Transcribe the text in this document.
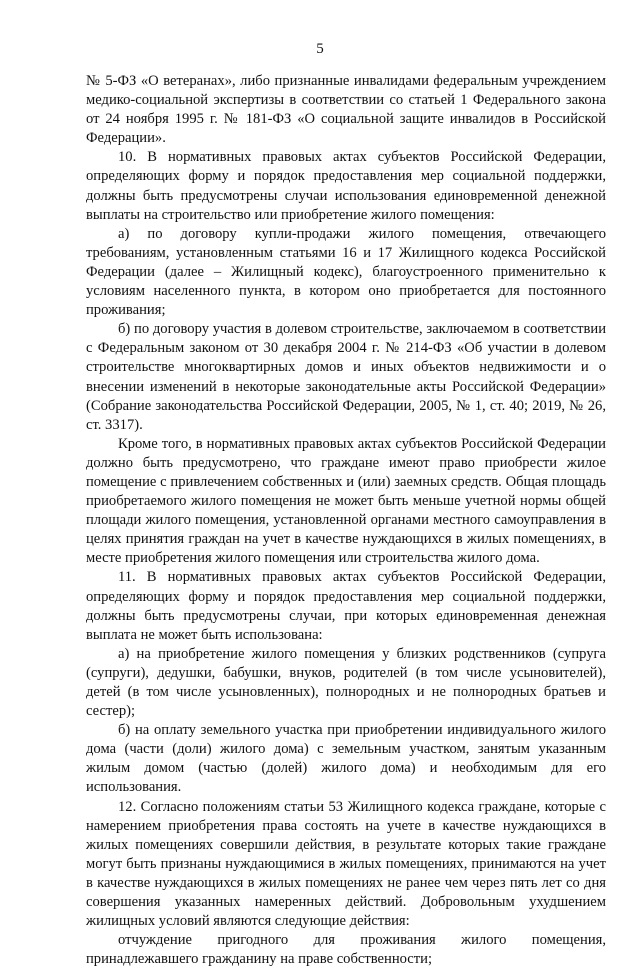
5

№ 5-ФЗ «О ветеранах», либо признанные инвалидами федеральным учреждением медико-социальной экспертизы в соответствии со статьей 1 Федерального закона от 24 ноября 1995 г. № 181-ФЗ «О социальной защите инвалидов в Российской Федерации».

10. В нормативных правовых актах субъектов Российской Федерации, определяющих форму и порядок предоставления мер социальной поддержки, должны быть предусмотрены случаи использования единовременной денежной выплаты на строительство или приобретение жилого помещения:

а) по договору купли-продажи жилого помещения, отвечающего требованиям, установленным статьями 16 и 17 Жилищного кодекса Российской Федерации (далее – Жилищный кодекс), благоустроенного применительно к условиям населенного пункта, в котором оно приобретается для постоянного проживания;

б) по договору участия в долевом строительстве, заключаемом в соответствии с Федеральным законом от 30 декабря 2004 г. № 214-ФЗ «Об участии в долевом строительстве многоквартирных домов и иных объектов недвижимости и о внесении изменений в некоторые законодательные акты Российской Федерации» (Собрание законодательства Российской Федерации, 2005, № 1, ст. 40; 2019, № 26, ст. 3317).

Кроме того, в нормативных правовых актах субъектов Российской Федерации должно быть предусмотрено, что граждане имеют право приобрести жилое помещение с привлечением собственных и (или) заемных средств. Общая площадь приобретаемого жилого помещения не может быть меньше учетной нормы общей площади жилого помещения, установленной органами местного самоуправления в целях принятия граждан на учет в качестве нуждающихся в жилых помещениях, в месте приобретения жилого помещения или строительства жилого дома.

11. В нормативных правовых актах субъектов Российской Федерации, определяющих форму и порядок предоставления мер социальной поддержки, должны быть предусмотрены случаи, при которых единовременная денежная выплата не может быть использована:

а) на приобретение жилого помещения у близких родственников (супруга (супруги), дедушки, бабушки, внуков, родителей (в том числе усыновителей), детей (в том числе усыновленных), полнородных и не полнородных братьев и сестер);

б) на оплату земельного участка при приобретении индивидуального жилого дома (части (доли) жилого дома) с земельным участком, занятым указанным жилым домом (частью (долей) жилого дома) и необходимым для его использования.

12. Согласно положениям статьи 53 Жилищного кодекса граждане, которые с намерением приобретения права состоять на учете в качестве нуждающихся в жилых помещениях совершили действия, в результате которых такие граждане могут быть признаны нуждающимися в жилых помещениях, принимаются на учет в качестве нуждающихся в жилых помещениях не ранее чем через пять лет со дня совершения указанных намеренных действий. Добровольным ухудшением жилищных условий являются следующие действия:

отчуждение пригодного для проживания жилого помещения, принадлежавшего гражданину на праве собственности;
